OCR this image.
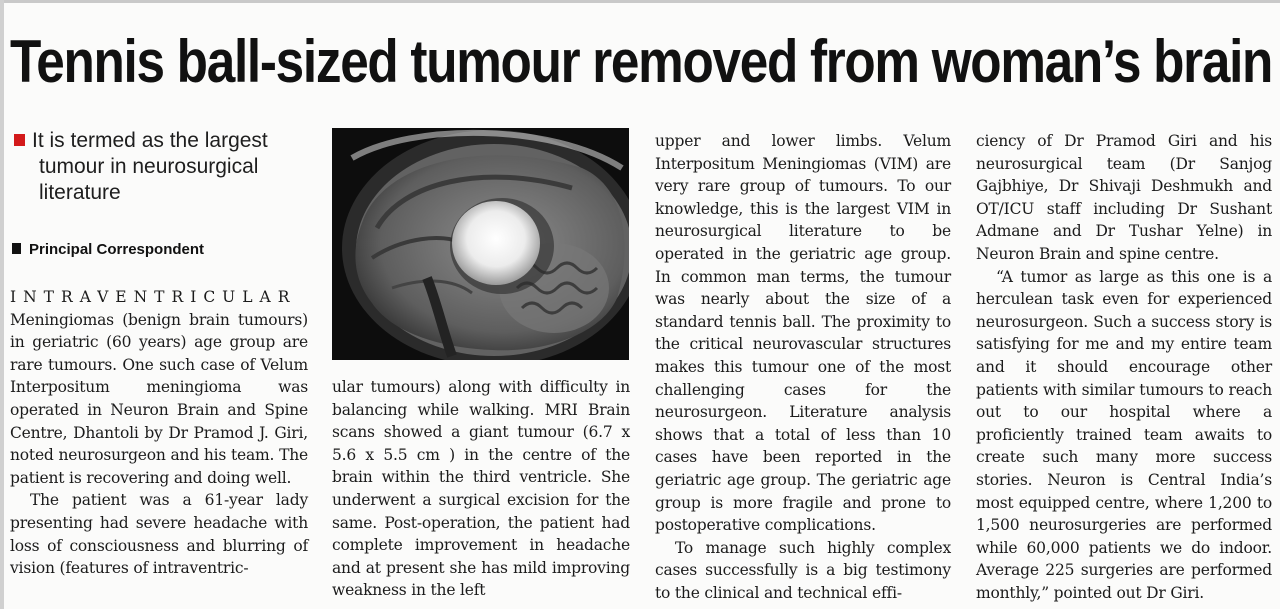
Tennis ball-sized tumour removed from woman’s brain
It is termed as the largest
tumour in neurosurgical
literature
Principal Correspondent

INTRAVENTRICULAR

Meningiomas (benign brain tumours) in geriatric (60 years) age group are rare tumours. One such case of Velum Interpositum meningioma was operated in Neuron Brain and Spine Centre, Dhantoli by Dr Pramod J. Giri, noted neurosurgeon and his team. The patient is recovering and doing well.

The patient was a 61-year lady presenting had severe headache with loss of consciousness and blurring of vision (features of intraventric-

ular tumours) along with difficulty in balancing while walking. MRI Brain scans showed a giant tumour (6.7 x 5.6 x 5.5 cm ) in the centre of the brain within the third ventricle. She underwent a surgical excision for the same. Post-operation, the patient had complete improvement in headache and at present she has mild improving weakness in the left

upper and lower limbs. Velum Interpositum Meningiomas (VIM) are very rare group of tumours. To our knowledge, this is the largest VIM in neurosurgical literature to be operated in the geriatric age group. In common man terms, the tumour was nearly about the size of a standard tennis ball. The proximity to the critical neurovascular structures makes this tumour one of the most challenging cases for the neurosurgeon. Literature analysis shows that a total of less than 10 cases have been reported in the geriatric age group. The geriatric age group is more fragile and prone to postoperative complications.

To manage such highly complex cases successfully is a big testimony to the clinical and technical effi-

ciency of Dr Pramod Giri and his neurosurgical team (Dr Sanjog Gajbhiye, Dr Shivaji Deshmukh and OT/ICU staff including Dr Sushant Admane and Dr Tushar Yelne) in Neuron Brain and spine centre.

“A tumor as large as this one is a herculean task even for experienced neurosurgeon. Such a success story is satisfying for me and my entire team and it should encourage other patients with similar tumours to reach out to our hospital where a proficiently trained team awaits to create such many more success stories. Neuron is Central India’s most equipped centre, where 1,200 to 1,500 neurosurgeries are performed while 60,000 patients we do indoor. Average 225 surgeries are performed monthly,” pointed out Dr Giri.
